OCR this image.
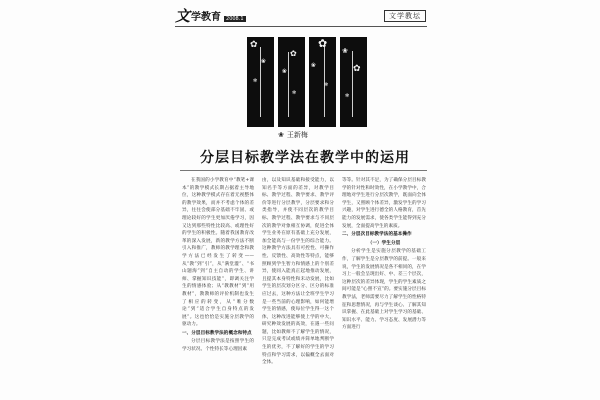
文 学教育	2008.1	文学教坛
✿
❀
✻
✿
❀
✻
✿
❀
✻
❀
✿
✻
❀ 王新梅
分层目标教学法在教学中的运用

在我国的小学教育中“教笔+课本”的教学模式长期占据着主导地位，这种教学模式存在着无视整体的教学效果，而并不考虑个体的差异，往往会使部分基础不牢固、或理论较好的学生更加厌倦学习，因又达到那些特性比较高、或理性好的学生的积极性。随着我国教育改革的深入发展，新的教学方法不断引入和推广，教师的教学理念和教学方法已经发生了转变——从“教”到“引”，从“满堂灌”、“书山题海”到“自主自动的学生、讲师、掌握知识技能”，即调关注学生的情感体验；从“教教材”到“用教材”，教教师的评价机制也发生了相应的转变，从“唯分数论”到“适合学生自身特点的发展”。这也恰恰是实施分层教学的驱动力。

一、分层目标教学法的概念和特点

分层目标教学法是按照学生的学习状况、个性特长等心理因素

由，以及知识基础和接受能力，以知名手等方面的差异，对教学目标、教学过程、教学要求、教学评价等进行分层教学，分层要求和分类指导，并使不同层次的教学目标、教学过程、教学要求与不同层次的教学对象相互协调，促进全体学生业务在原有基础上充分发展，加全能高与一份学生的综合能力。这种教学方法具有可控性、可操作性、反馈性、高效性等特点，能够照顾到学生智力和情感上的个别差异，使同入能真正起地推动发展，且提其本身特性和未动发展，比如学生的层次划分区分、区分的标准应过去，这种方法让全班学生学习是一些当前的心理影响，如何能增学生的情感，使每位学生得一这个体，这种改进能够使上学的中大，研究种效发展的高效，在遇一些问题，比如教师不了解学生的情况，只是完成考试或绩并简单地判断学生的优劣，不了解好的学生的学习特点和学习需求，以偏概全去面对全体。

等等。针对其不足，为了确保分层目标教学的针对性和时效性，在小学教学中，合理地对学生进行分层次教学，既面向全体学生，又照顾个体差异，激发学生的学习兴趣，对学生进行德全的人格教育，首先能力的发展需求，使各类学生能得到充分发展，全面提高学生的素质。

二、分层次目标教学法的基本操作

（一）学生分层

分析学生是实施分层教学的基础工作，了解学生是分层教学的前提。一般来说，学生的发展情况是各不相同的，在学习上一般会呈现出好、中、差三个层次，这种层次的差异体现，学生的学生素质之间可能是“心照不宣”的。要实施分层目标教学法，老师需要尽力了解学生的性格特征和思想情况，再与学生谈心、了解其知识掌握、在此基础上对学生学习的基础、知识水平、能力、学习态度、发展潜力等方面进行
